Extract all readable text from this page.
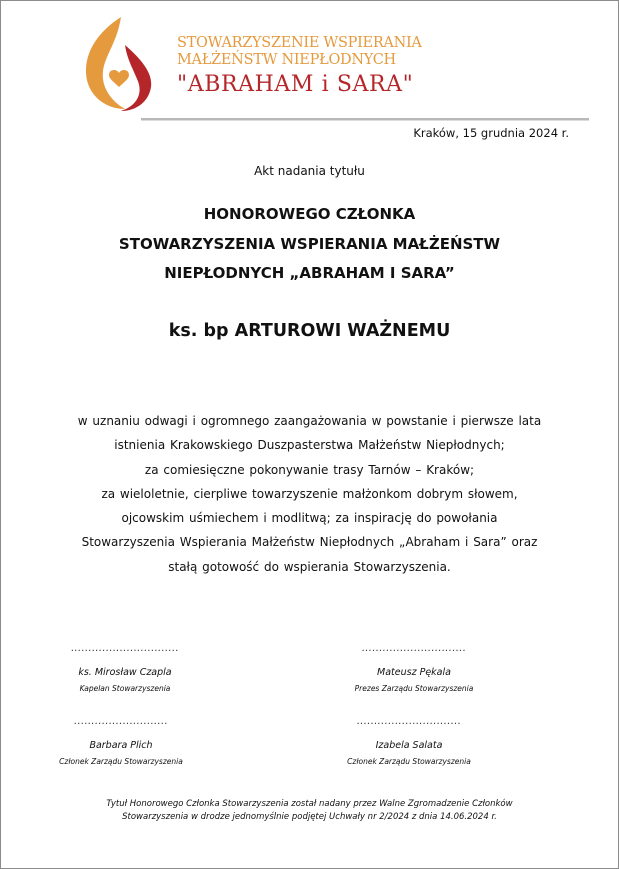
STOWARZYSZENIE WSPIERANIA
MAŁŻEŃSTW NIEPŁODNYCH
"ABRAHAM i SARA"
Kraków, 15 grudnia 2024 r.
Akt nadania tytułu
HONOROWEGO CZŁONKA
STOWARZYSZENIA WSPIERANIA MAŁŻEŃSTW
NIEPŁODNYCH „ABRAHAM I SARA”
ks. bp ARTUROWI WAŻNEMU
w uznaniu odwagi i ogromnego zaangażowania w powstanie i pierwsze lata
istnienia Krakowskiego Duszpasterstwa Małżeństw Niepłodnych;
za comiesięczne pokonywanie trasy Tarnów – Kraków;
za wieloletnie, cierpliwe towarzyszenie małżonkom dobrym słowem,
ojcowskim uśmiechem i modlitwą; za inspirację do powołania
Stowarzyszenia Wspierania Małżeństw Niepłodnych „Abraham i Sara” oraz
stałą gotowość do wspierania Stowarzyszenia.
...............................
ks. Mirosław Czapla
Kapelan Stowarzyszenia
..............................
Mateusz Pękala
Prezes Zarządu Stowarzyszenia
...........................
Barbara Plich
Członek Zarządu Stowarzyszenia
..............................
Izabela Salata
Członek Zarządu Stowarzyszenia
Tytuł Honorowego Członka Stowarzyszenia został nadany przez Walne Zgromadzenie Członków
Stowarzyszenia w drodze jednomyślnie podjętej Uchwały nr 2/2024 z dnia 14.06.2024 r.
